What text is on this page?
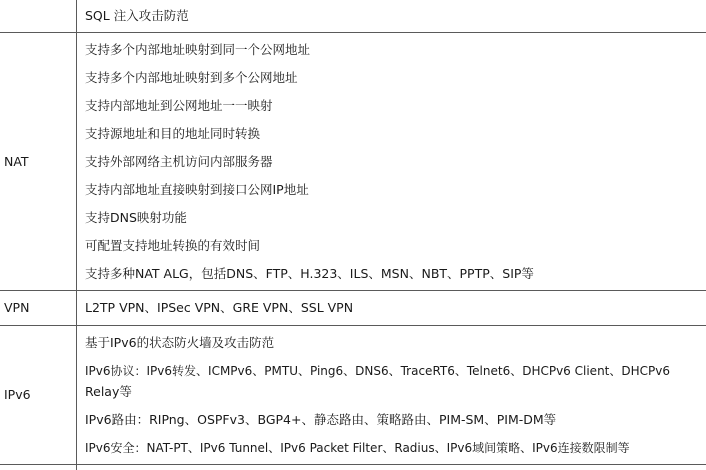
SQL 注入攻击防范
NAT
支持多个内部地址映射到同一个公网地址
支持多个内部地址映射到多个公网地址
支持内部地址到公网地址一一映射
支持源地址和目的地址同时转换
支持外部网络主机访问内部服务器
支持内部地址直接映射到接口公网IP地址
支持DNS映射功能
可配置支持地址转换的有效时间
支持多种NAT ALG，包括DNS、FTP、H.323、ILS、MSN、NBT、PPTP、SIP等
VPN	L2TP VPN、IPSec VPN、GRE VPN、SSL VPN
IPv6
基于IPv6的状态防火墙及攻击防范
IPv6协议：IPv6转发、ICMPv6、PMTU、Ping6、DNS6、TraceRT6、Telnet6、DHCPv6 Client、DHCPv6
Relay等
IPv6路由：RIPng、OSPFv3、BGP4+、静态路由、策略路由、PIM-SM、PIM-DM等
IPv6安全：NAT-PT、IPv6 Tunnel、IPv6 Packet Filter、Radius、IPv6域间策略、IPv6连接数限制等
